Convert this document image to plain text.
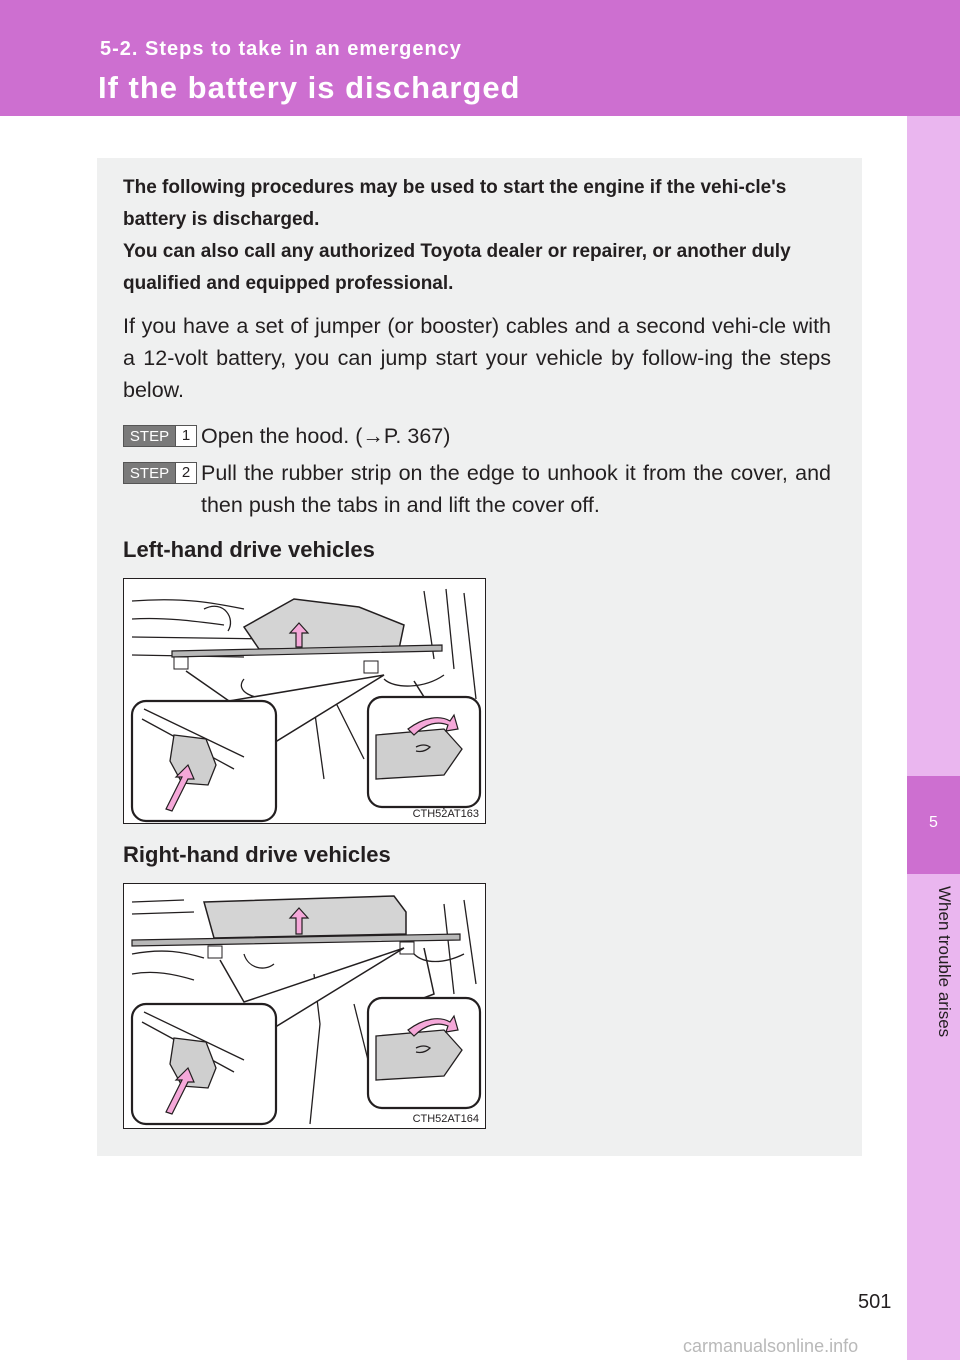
5-2. Steps to take in an emergency
If the battery is discharged
5
When trouble arises

The following procedures may be used to start the engine if the vehi-cle's battery is discharged.

You can also call any authorized Toyota dealer or repairer, or another duly qualified and equipped professional.

If you have a set of jumper (or booster) cables and a second vehi-cle with a 12-volt battery, you can jump start your vehicle by follow-ing the steps below.

STEP 1 Open the hood. (→P. 367)
STEP 2 Pull the rubber strip on the edge to unhook it from the cover, and then push the tabs in and lift the cover off.
Left-hand drive vehicles
CTH52AT163
Right-hand drive vehicles
CTH52AT164
501
carmanualsonline.info
